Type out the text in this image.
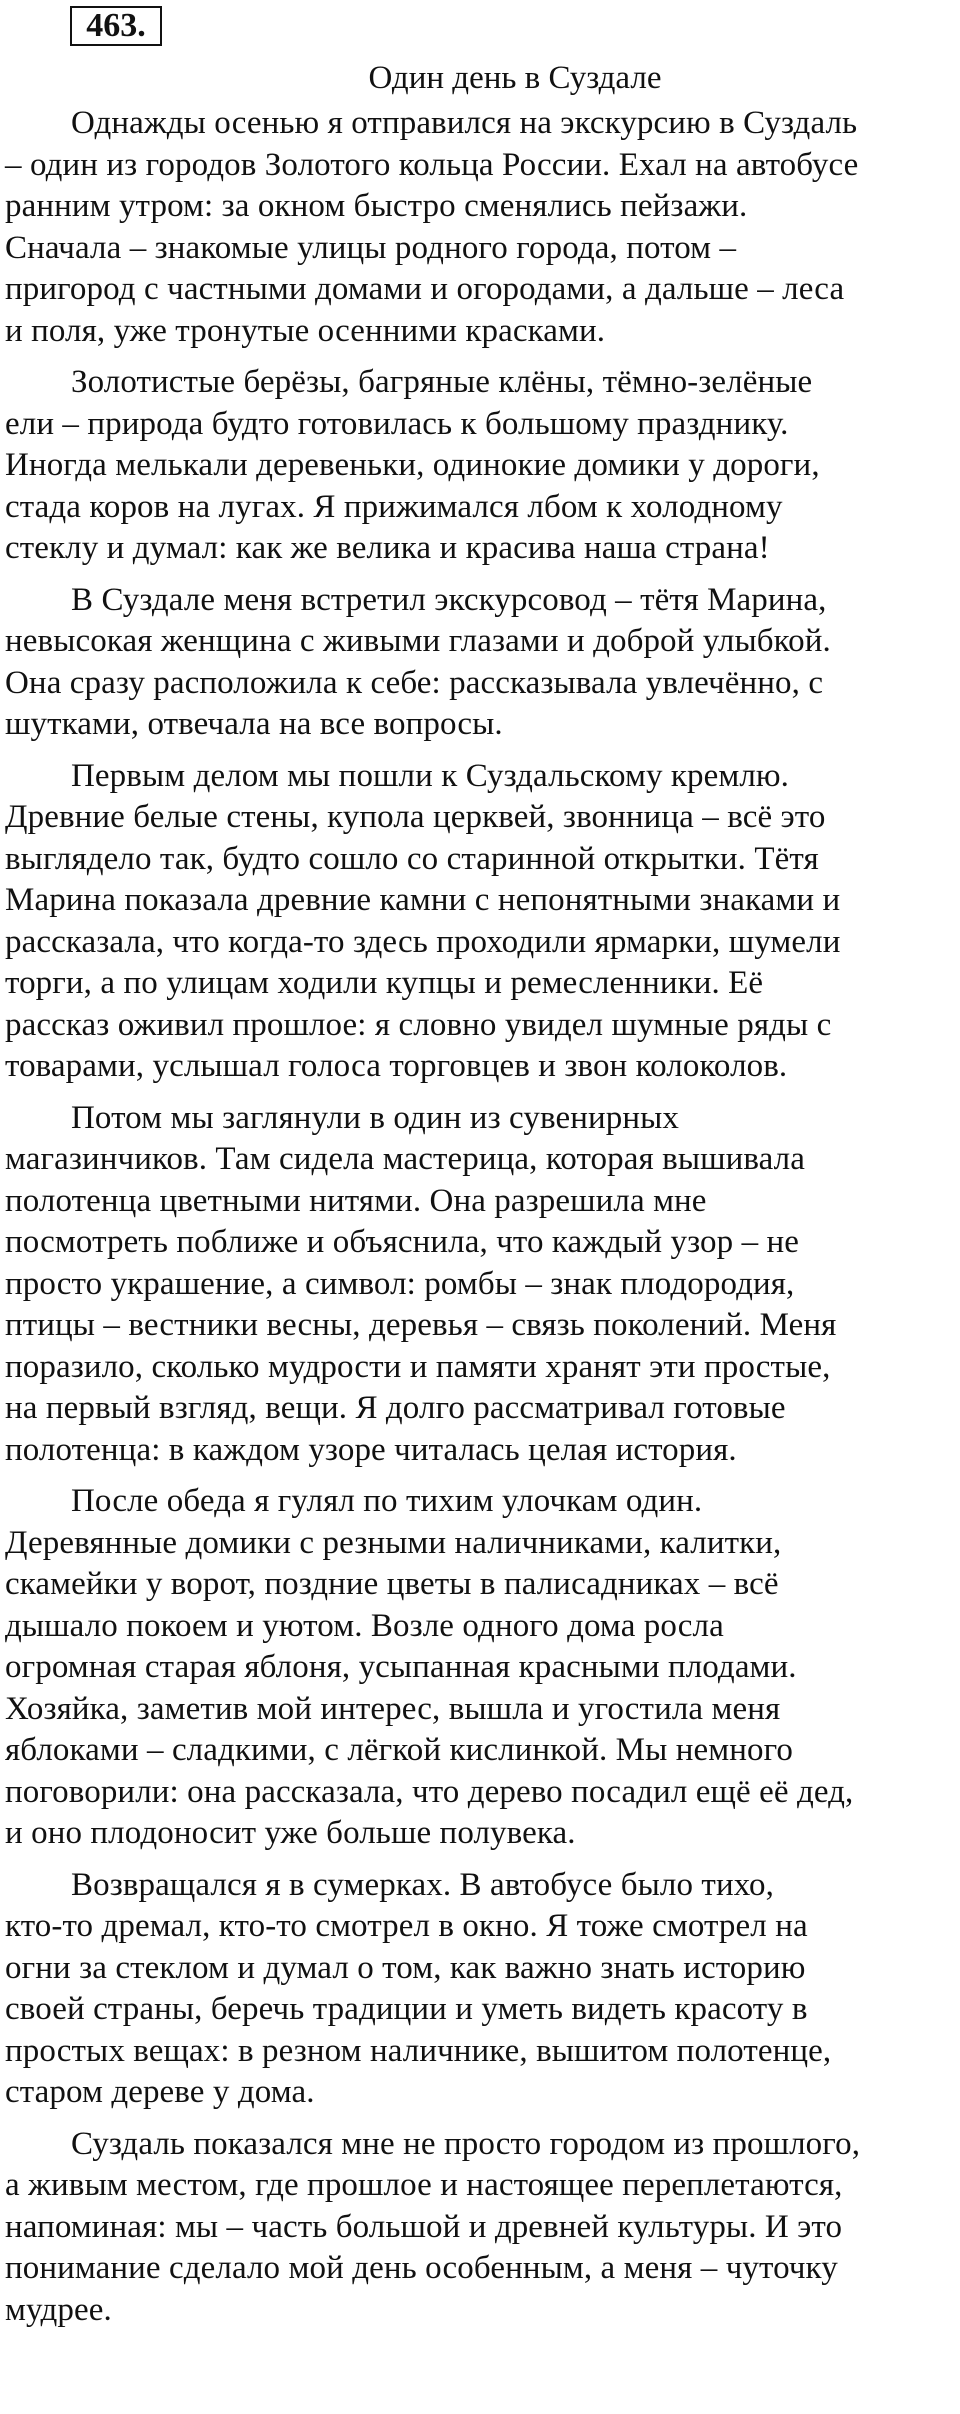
463.
Один день в Суздале

Однажды осенью я отправился на экскурсию в Суздаль
– один из городов Золотого кольца России. Ехал на автобусе
ранним утром: за окном быстро сменялись пейзажи.
Сначала – знакомые улицы родного города, потом –
пригород с частными домами и огородами, а дальше – леса
и поля, уже тронутые осенними красками.

Золотистые берёзы, багряные клёны, тёмно-зелёные
ели – природа будто готовилась к большому празднику.
Иногда мелькали деревеньки, одинокие домики у дороги,
стада коров на лугах. Я прижимался лбом к холодному
стеклу и думал: как же велика и красива наша страна!

В Суздале меня встретил экскурсовод – тётя Марина,
невысокая женщина с живыми глазами и доброй улыбкой.
Она сразу расположила к себе: рассказывала увлечённо, с
шутками, отвечала на все вопросы.

Первым делом мы пошли к Суздальскому кремлю.
Древние белые стены, купола церквей, звонница – всё это
выглядело так, будто сошло со старинной открытки. Тётя
Марина показала древние камни с непонятными знаками и
рассказала, что когда-то здесь проходили ярмарки, шумели
торги, а по улицам ходили купцы и ремесленники. Её
рассказ оживил прошлое: я словно увидел шумные ряды с
товарами, услышал голоса торговцев и звон колоколов.

Потом мы заглянули в один из сувенирных
магазинчиков. Там сидела мастерица, которая вышивала
полотенца цветными нитями. Она разрешила мне
посмотреть поближе и объяснила, что каждый узор – не
просто украшение, а символ: ромбы – знак плодородия,
птицы – вестники весны, деревья – связь поколений. Меня
поразило, сколько мудрости и памяти хранят эти простые,
на первый взгляд, вещи. Я долго рассматривал готовые
полотенца: в каждом узоре читалась целая история.

После обеда я гулял по тихим улочкам один.
Деревянные домики с резными наличниками, калитки,
скамейки у ворот, поздние цветы в палисадниках – всё
дышало покоем и уютом. Возле одного дома росла
огромная старая яблоня, усыпанная красными плодами.
Хозяйка, заметив мой интерес, вышла и угостила меня
яблоками – сладкими, с лёгкой кислинкой. Мы немного
поговорили: она рассказала, что дерево посадил ещё её дед,
и оно плодоносит уже больше полувека.

Возвращался я в сумерках. В автобусе было тихо,
кто-то дремал, кто-то смотрел в окно. Я тоже смотрел на
огни за стеклом и думал о том, как важно знать историю
своей страны, беречь традиции и уметь видеть красоту в
простых вещах: в резном наличнике, вышитом полотенце,
старом дереве у дома.

Суздаль показался мне не просто городом из прошлого,
а живым местом, где прошлое и настоящее переплетаются,
напоминая: мы – часть большой и древней культуры. И это
понимание сделало мой день особенным, а меня – чуточку
мудрее.
